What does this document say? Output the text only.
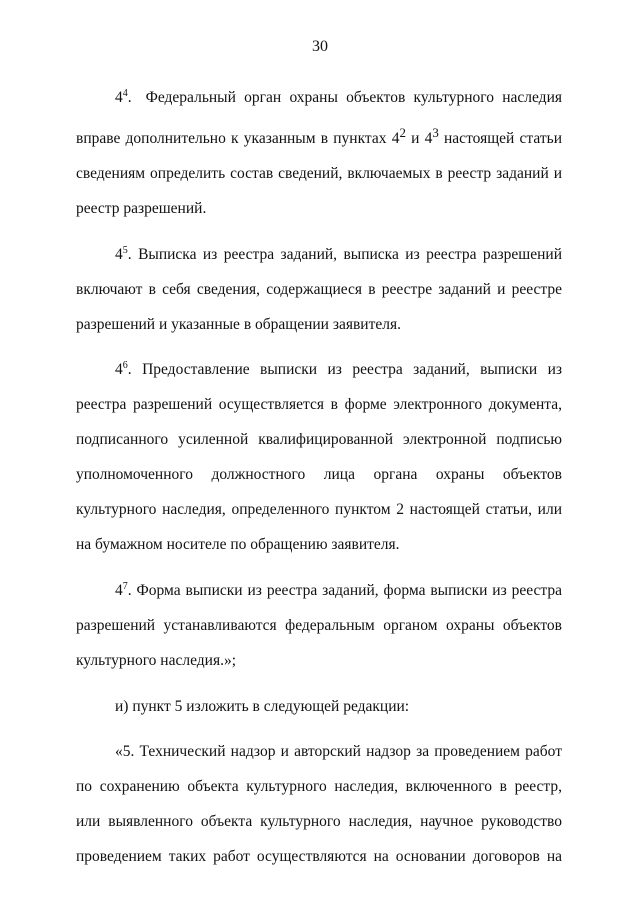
30

$4^4$. Федеральный орган охраны объектов культурного наследия вправе дополнительно к указанным в пунктах $4^2$ и $4^3$ настоящей статьи сведениям определить состав сведений, включаемых в реестр заданий и реестр разрешений.

$4^5$. Выписка из реестра заданий, выписка из реестра разрешений включают в себя сведения, содержащиеся в реестре заданий и реестре разрешений и указанные в обращении заявителя.

$4^6$. Предоставление выписки из реестра заданий, выписки из реестра разрешений осуществляется в форме электронного документа, подписанного усиленной квалифицированной электронной подписью уполномоченного должностного лица органа охраны объектов культурного наследия, определенного пунктом 2 настоящей статьи, или на бумажном носителе по обращению заявителя.

$4^7$. Форма выписки из реестра заданий, форма выписки из реестра разрешений устанавливаются федеральным органом охраны объектов культурного наследия.»;

и) пункт 5 изложить в следующей редакции:

«5. Технический надзор и авторский надзор за проведением работ по сохранению объекта культурного наследия, включенного в реестр, или выявленного объекта культурного наследия, научное руководство проведением таких работ осуществляются на основании договоров на
